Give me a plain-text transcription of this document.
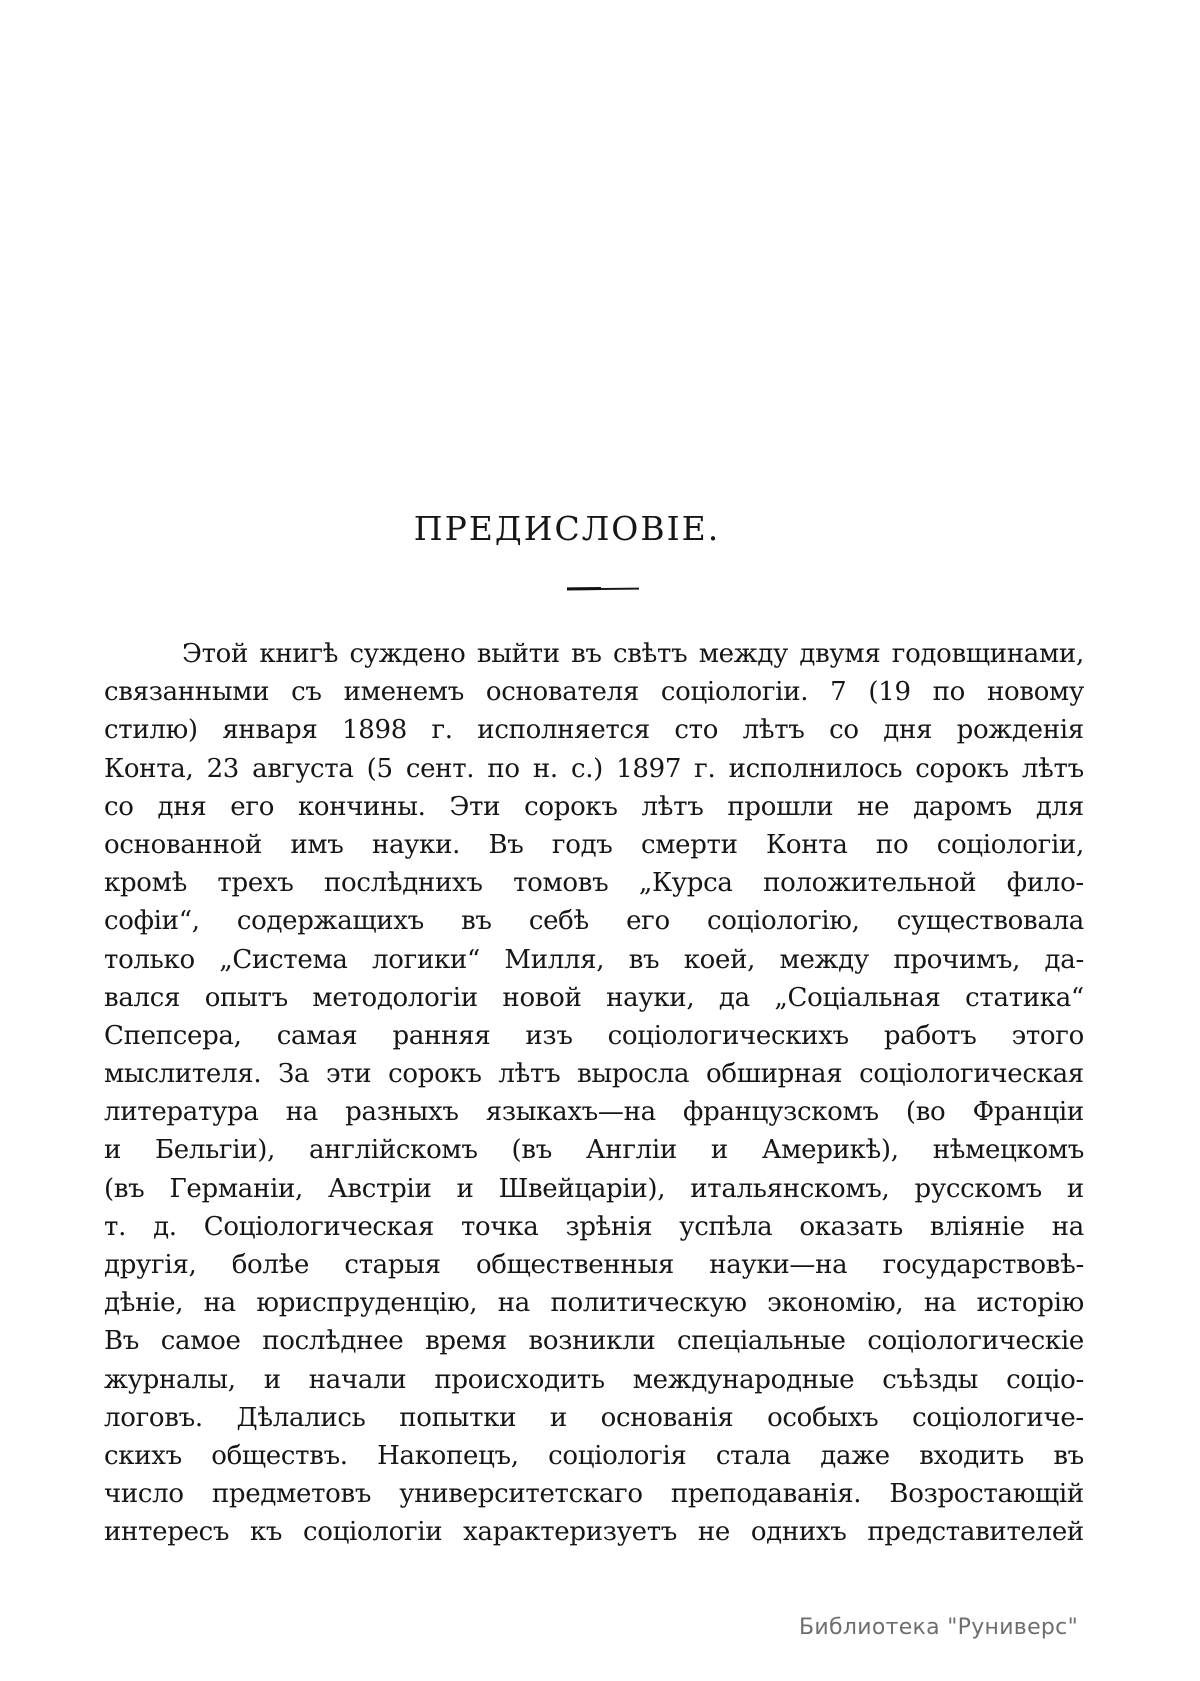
ПРЕДИСЛОВІЕ.
Этой книгѣ суждено выйти въ свѣтъ между двумя годовщинами,
связанными съ именемъ основателя соціологіи. 7 (19 по новому
стилю) января 1898 г. исполняется сто лѣтъ со дня рожденія
Конта, 23 августа (5 сент. по н. с.) 1897 г. исполнилось сорокъ лѣтъ
со дня его кончины. Эти сорокъ лѣтъ прошли не даромъ для
основанной имъ науки. Въ годъ смерти Конта по соціологіи,
кромѣ трехъ послѣднихъ томовъ „Курса положительной фило-
софіи“, содержащихъ въ себѣ его соціологію, существовала
только „Система логики“ Милля, въ коей, между прочимъ, да-
вался опытъ методологіи новой науки, да „Соціальная статика“
Спепсера, самая ранняя изъ соціологическихъ работъ этого
мыслителя. За эти сорокъ лѣтъ выросла обширная соціологическая
литература на разныхъ языкахъ—на французскомъ (во Франціи
и Бельгіи), англійскомъ (въ Англіи и Америкѣ), нѣмецкомъ
(въ Германіи, Австріи и Швейцаріи), итальянскомъ, русскомъ и
т. д. Соціологическая точка зрѣнія успѣла оказать вліяніе на
другія, болѣе старыя общественныя науки—на государствовѣ-
дѣніе, на юриспруденцію, на политическую экономію, на исторію
Въ самое послѣднее время возникли спеціальные соціологическіе
журналы, и начали происходить международные съѣзды соціо-
логовъ. Дѣлались попытки и основанія особыхъ соціологиче-
скихъ обществъ. Накопецъ, соціологія стала даже входить въ
число предметовъ университетскаго преподаванія. Возростающій
интересъ къ соціологіи характеризуетъ не однихъ представителей
Библиотека "Руниверс"
